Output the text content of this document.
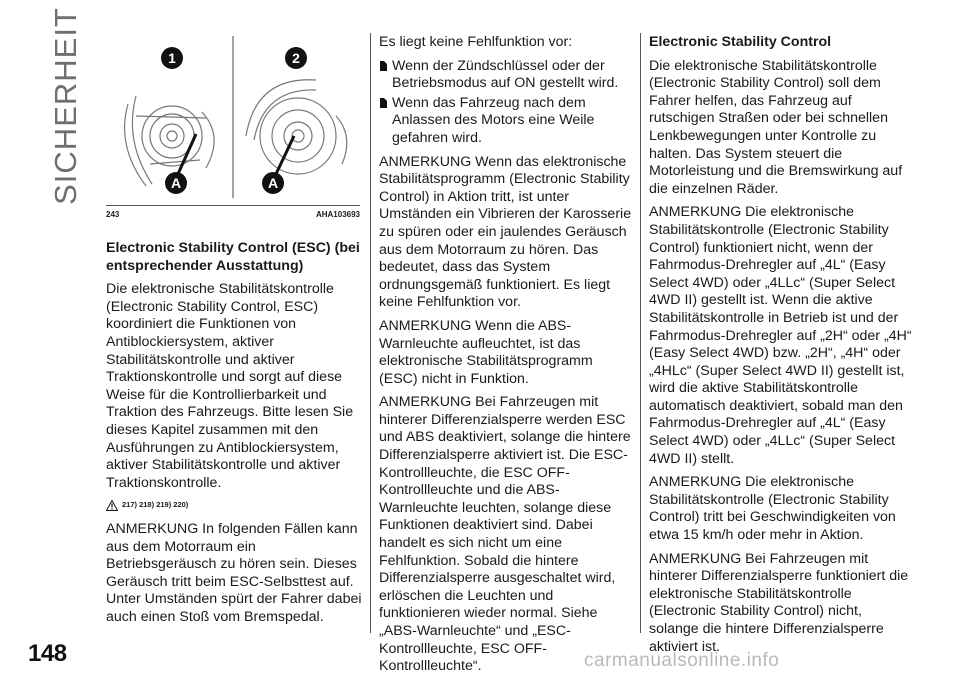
SICHERHEIT	1	2
A	A
243	AHA103693
Electronic Stability Control (ESC) (bei entsprechender Ausstattung)

Die elektronische Stabilitätskontrolle (Electronic Stability Control, ESC) koordiniert die Funktionen von Antiblockiersystem, aktiver Stabilitätskontrolle und aktiver Traktionskontrolle und sorgt auf diese Weise für die Kontrollierbarkeit und Traktion des Fahrzeugs. Bitte lesen Sie dieses Kapitel zusammen mit den Ausführungen zu Antiblockiersystem, aktiver Stabilitätskontrolle und aktiver Traktionskontrolle.

217) 218) 219) 220)

ANMERKUNG In folgenden Fällen kann aus dem Motorraum ein Betriebsgeräusch zu hören sein. Dieses Geräusch tritt beim ESC-Selbsttest auf. Unter Umständen spürt der Fahrer dabei auch einen Stoß vom Bremspedal.

Es liegt keine Fehlfunktion vor:

Wenn der Zündschlüssel oder der Betriebsmodus auf ON gestellt wird.

Wenn das Fahrzeug nach dem Anlassen des Motors eine Weile gefahren wird.

ANMERKUNG Wenn das elektronische Stabilitätsprogramm (Electronic Stability Control) in Aktion tritt, ist unter Umständen ein Vibrieren der Karosserie zu spüren oder ein jaulendes Geräusch aus dem Motorraum zu hören. Das bedeutet, dass das System ordnungsgemäß funktioniert. Es liegt keine Fehlfunktion vor.

ANMERKUNG Wenn die ABS-Warnleuchte aufleuchtet, ist das elektronische Stabilitätsprogramm (ESC) nicht in Funktion.

ANMERKUNG Bei Fahrzeugen mit hinterer Differenzialsperre werden ESC und ABS deaktiviert, solange die hintere Differenzialsperre aktiviert ist. Die ESC-Kontrollleuchte, die ESC OFF-Kontrollleuchte und die ABS-Warnleuchte leuchten, solange diese Funktionen deaktiviert sind. Dabei handelt es sich nicht um eine Fehlfunktion. Sobald die hintere Differenzialsperre ausgeschaltet wird, erlöschen die Leuchten und funktionieren wieder normal. Siehe „ABS-Warnleuchte“ und „ESC-Kontrollleuchte, ESC OFF-Kontrollleuchte“.

Electronic Stability Control

Die elektronische Stabilitätskontrolle (Electronic Stability Control) soll dem Fahrer helfen, das Fahrzeug auf rutschigen Straßen oder bei schnellen Lenkbewegungen unter Kontrolle zu halten. Das System steuert die Motorleistung und die Bremswirkung auf die einzelnen Räder.

ANMERKUNG Die elektronische Stabilitätskontrolle (Electronic Stability Control) funktioniert nicht, wenn der Fahrmodus-Drehregler auf „4L“ (Easy Select 4WD) oder „4LLc“ (Super Select 4WD II) gestellt ist. Wenn die aktive Stabilitätskontrolle in Betrieb ist und der Fahrmodus-Drehregler auf „2H“ oder „4H“ (Easy Select 4WD) bzw. „2H“, „4H“ oder „4HLc“ (Super Select 4WD II) gestellt ist, wird die aktive Stabilitätskontrolle automatisch deaktiviert, sobald man den Fahrmodus-Drehregler auf „4L“ (Easy Select 4WD) oder „4LLc“ (Super Select 4WD II) stellt.

ANMERKUNG Die elektronische Stabilitätskontrolle (Electronic Stability Control) tritt bei Geschwindigkeiten von etwa 15 km/h oder mehr in Aktion.

ANMERKUNG Bei Fahrzeugen mit hinterer Differenzialsperre funktioniert die elektronische Stabilitätskontrolle (Electronic Stability Control) nicht, solange die hintere Differenzialsperre aktiviert ist.

148	carmanualsonline.info
